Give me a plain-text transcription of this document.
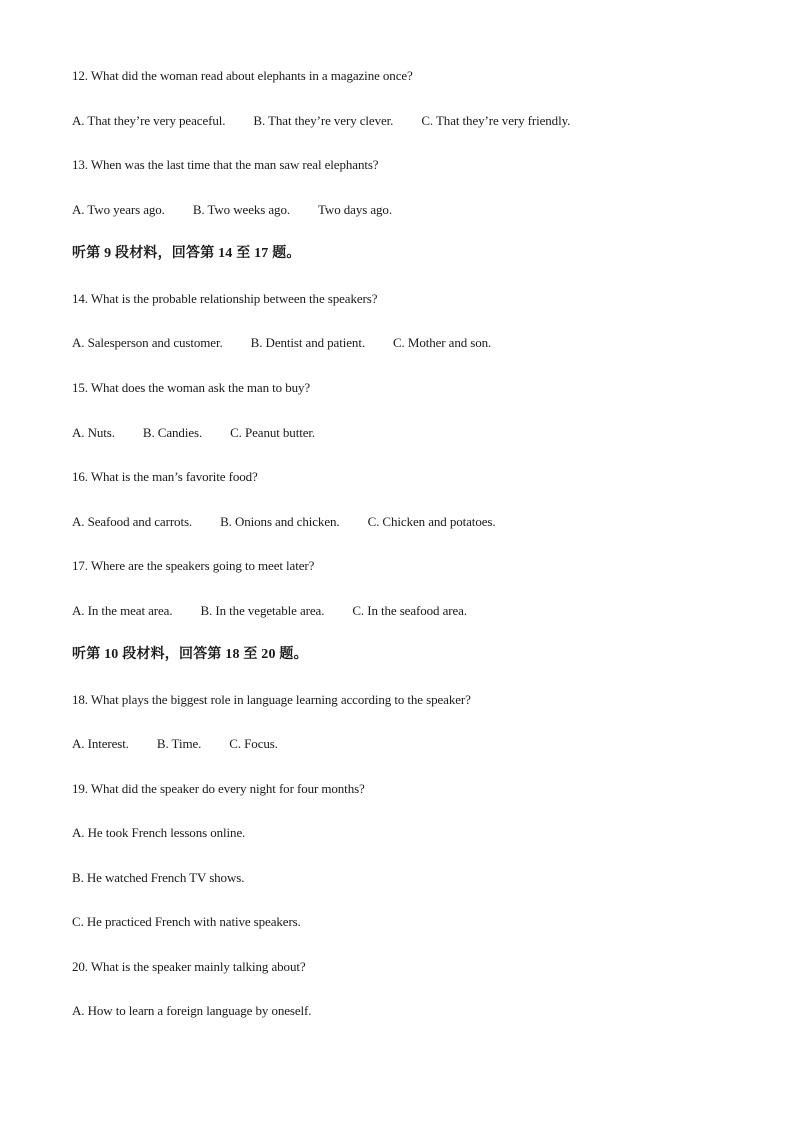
12. What did the woman read about elephants in a magazine once?
A. That they’re very peaceful. B. That they’re very clever. C. That they’re very friendly.
13. When was the last time that the man saw real elephants?
A. Two years ago. B. Two weeks ago. Two days ago.
听第 9 段材料，回答第 14 至 17 题。
14. What is the probable relationship between the speakers?
A. Salesperson and customer. B. Dentist and patient. C. Mother and son.
15. What does the woman ask the man to buy?
A. Nuts. B. Candies. C. Peanut butter.
16. What is the man’s favorite food?
A. Seafood and carrots. B. Onions and chicken. C. Chicken and potatoes.
17. Where are the speakers going to meet later?
A. In the meat area. B. In the vegetable area. C. In the seafood area.
听第 10 段材料，回答第 18 至 20 题。
18. What plays the biggest role in language learning according to the speaker?
A. Interest. B. Time. C. Focus.
19. What did the speaker do every night for four months?
A. He took French lessons online.
B. He watched French TV shows.
C. He practiced French with native speakers.
20. What is the speaker mainly talking about?
A. How to learn a foreign language by oneself.
